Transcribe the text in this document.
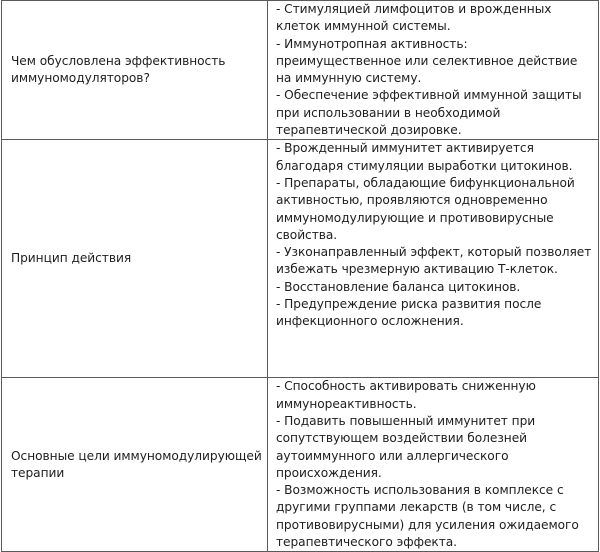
Чем обусловлена эффективность иммуномодуляторов?	- Стимуляцией лимфоцитов и врожденных клеток иммунной системы.
- Иммунотропная активность: преимущественное или селективное действие на иммунную систему.
- Обеспечение эффективной иммунной защиты при использовании в необходимой терапевтической дозировке.

Принцип действия	- Врожденный иммунитет активируется благодаря стимуляции выработки цитокинов.
- Препараты, обладающие бифункциональной активностью, проявляются одновременно иммуномодулирующие и противовирусные свойства.
- Узконаправленный эффект, который позволяет избежать чрезмерную активацию Т-клеток.
- Восстановление баланса цитокинов.
- Предупреждение риска развития после инфекционного осложнения.

Основные цели иммуномодулирующей терапии	- Способность активировать сниженную иммунореактивность.
- Подавить повышенный иммунитет при сопутствующем воздействии болезней аутоиммунного или аллергического происхождения.
- Возможность использования в комплексе с другими группами лекарств (в том числе, с противовирусными) для усиления ожидаемого терапевтического эффекта.
